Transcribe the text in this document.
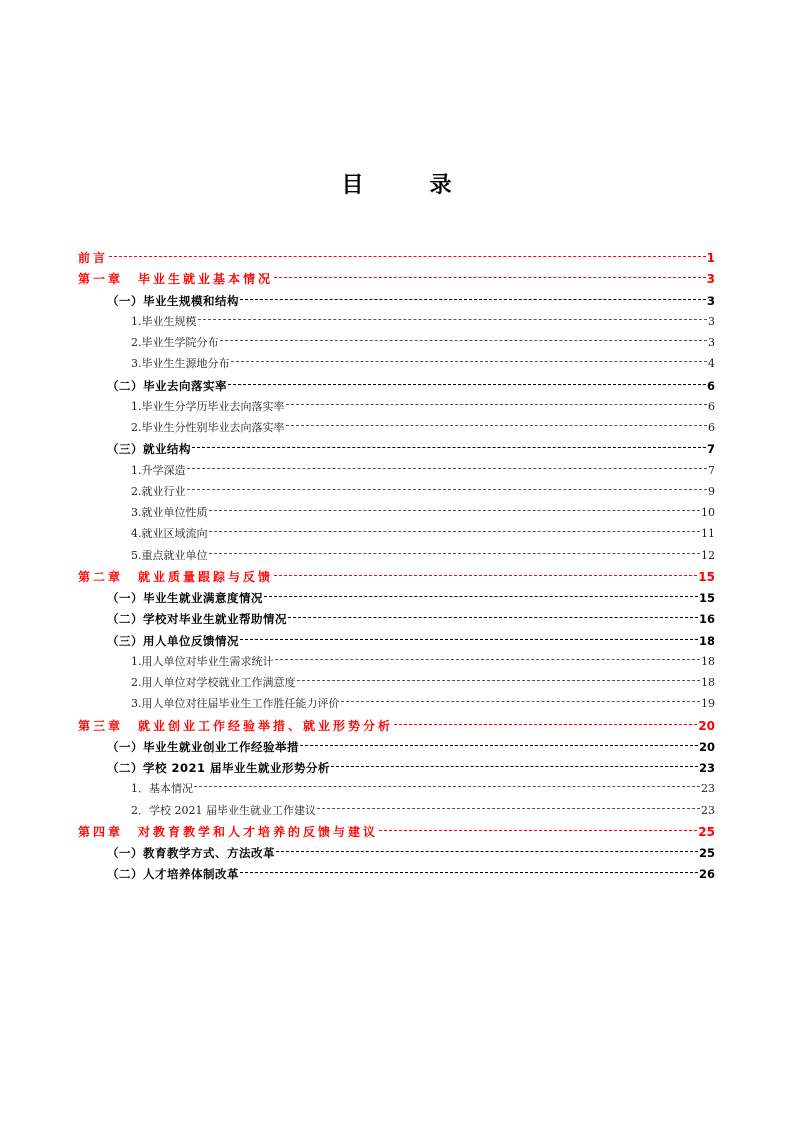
目　录
前言	1
第一章　毕业生就业基本情况	3
（一）毕业生规模和结构	3
1.毕业生规模	3
2.毕业生学院分布	3
3.毕业生生源地分布	4
（二）毕业去向落实率	6
1.毕业生分学历毕业去向落实率	6
2.毕业生分性别毕业去向落实率	6
（三）就业结构	7
1.升学深造	7
2.就业行业	9
3.就业单位性质	10
4.就业区域流向	11
5.重点就业单位	12
第二章　就业质量跟踪与反馈	15
（一）毕业生就业满意度情况	15
（二）学校对毕业生就业帮助情况	16
（三）用人单位反馈情况	18
1.用人单位对毕业生需求统计	18
2.用人单位对学校就业工作满意度	18
3.用人单位对往届毕业生工作胜任能力评价	19
第三章　就业创业工作经验举措、就业形势分析	20
（一）毕业生就业创业工作经验举措	20
（二）学校 2021 届毕业生就业形势分析	23
1．基本情况	23
2．学校 2021 届毕业生就业工作建议	23
第四章　对教育教学和人才培养的反馈与建议	25
（一）教育教学方式、方法改革	25
（二）人才培养体制改革	26
